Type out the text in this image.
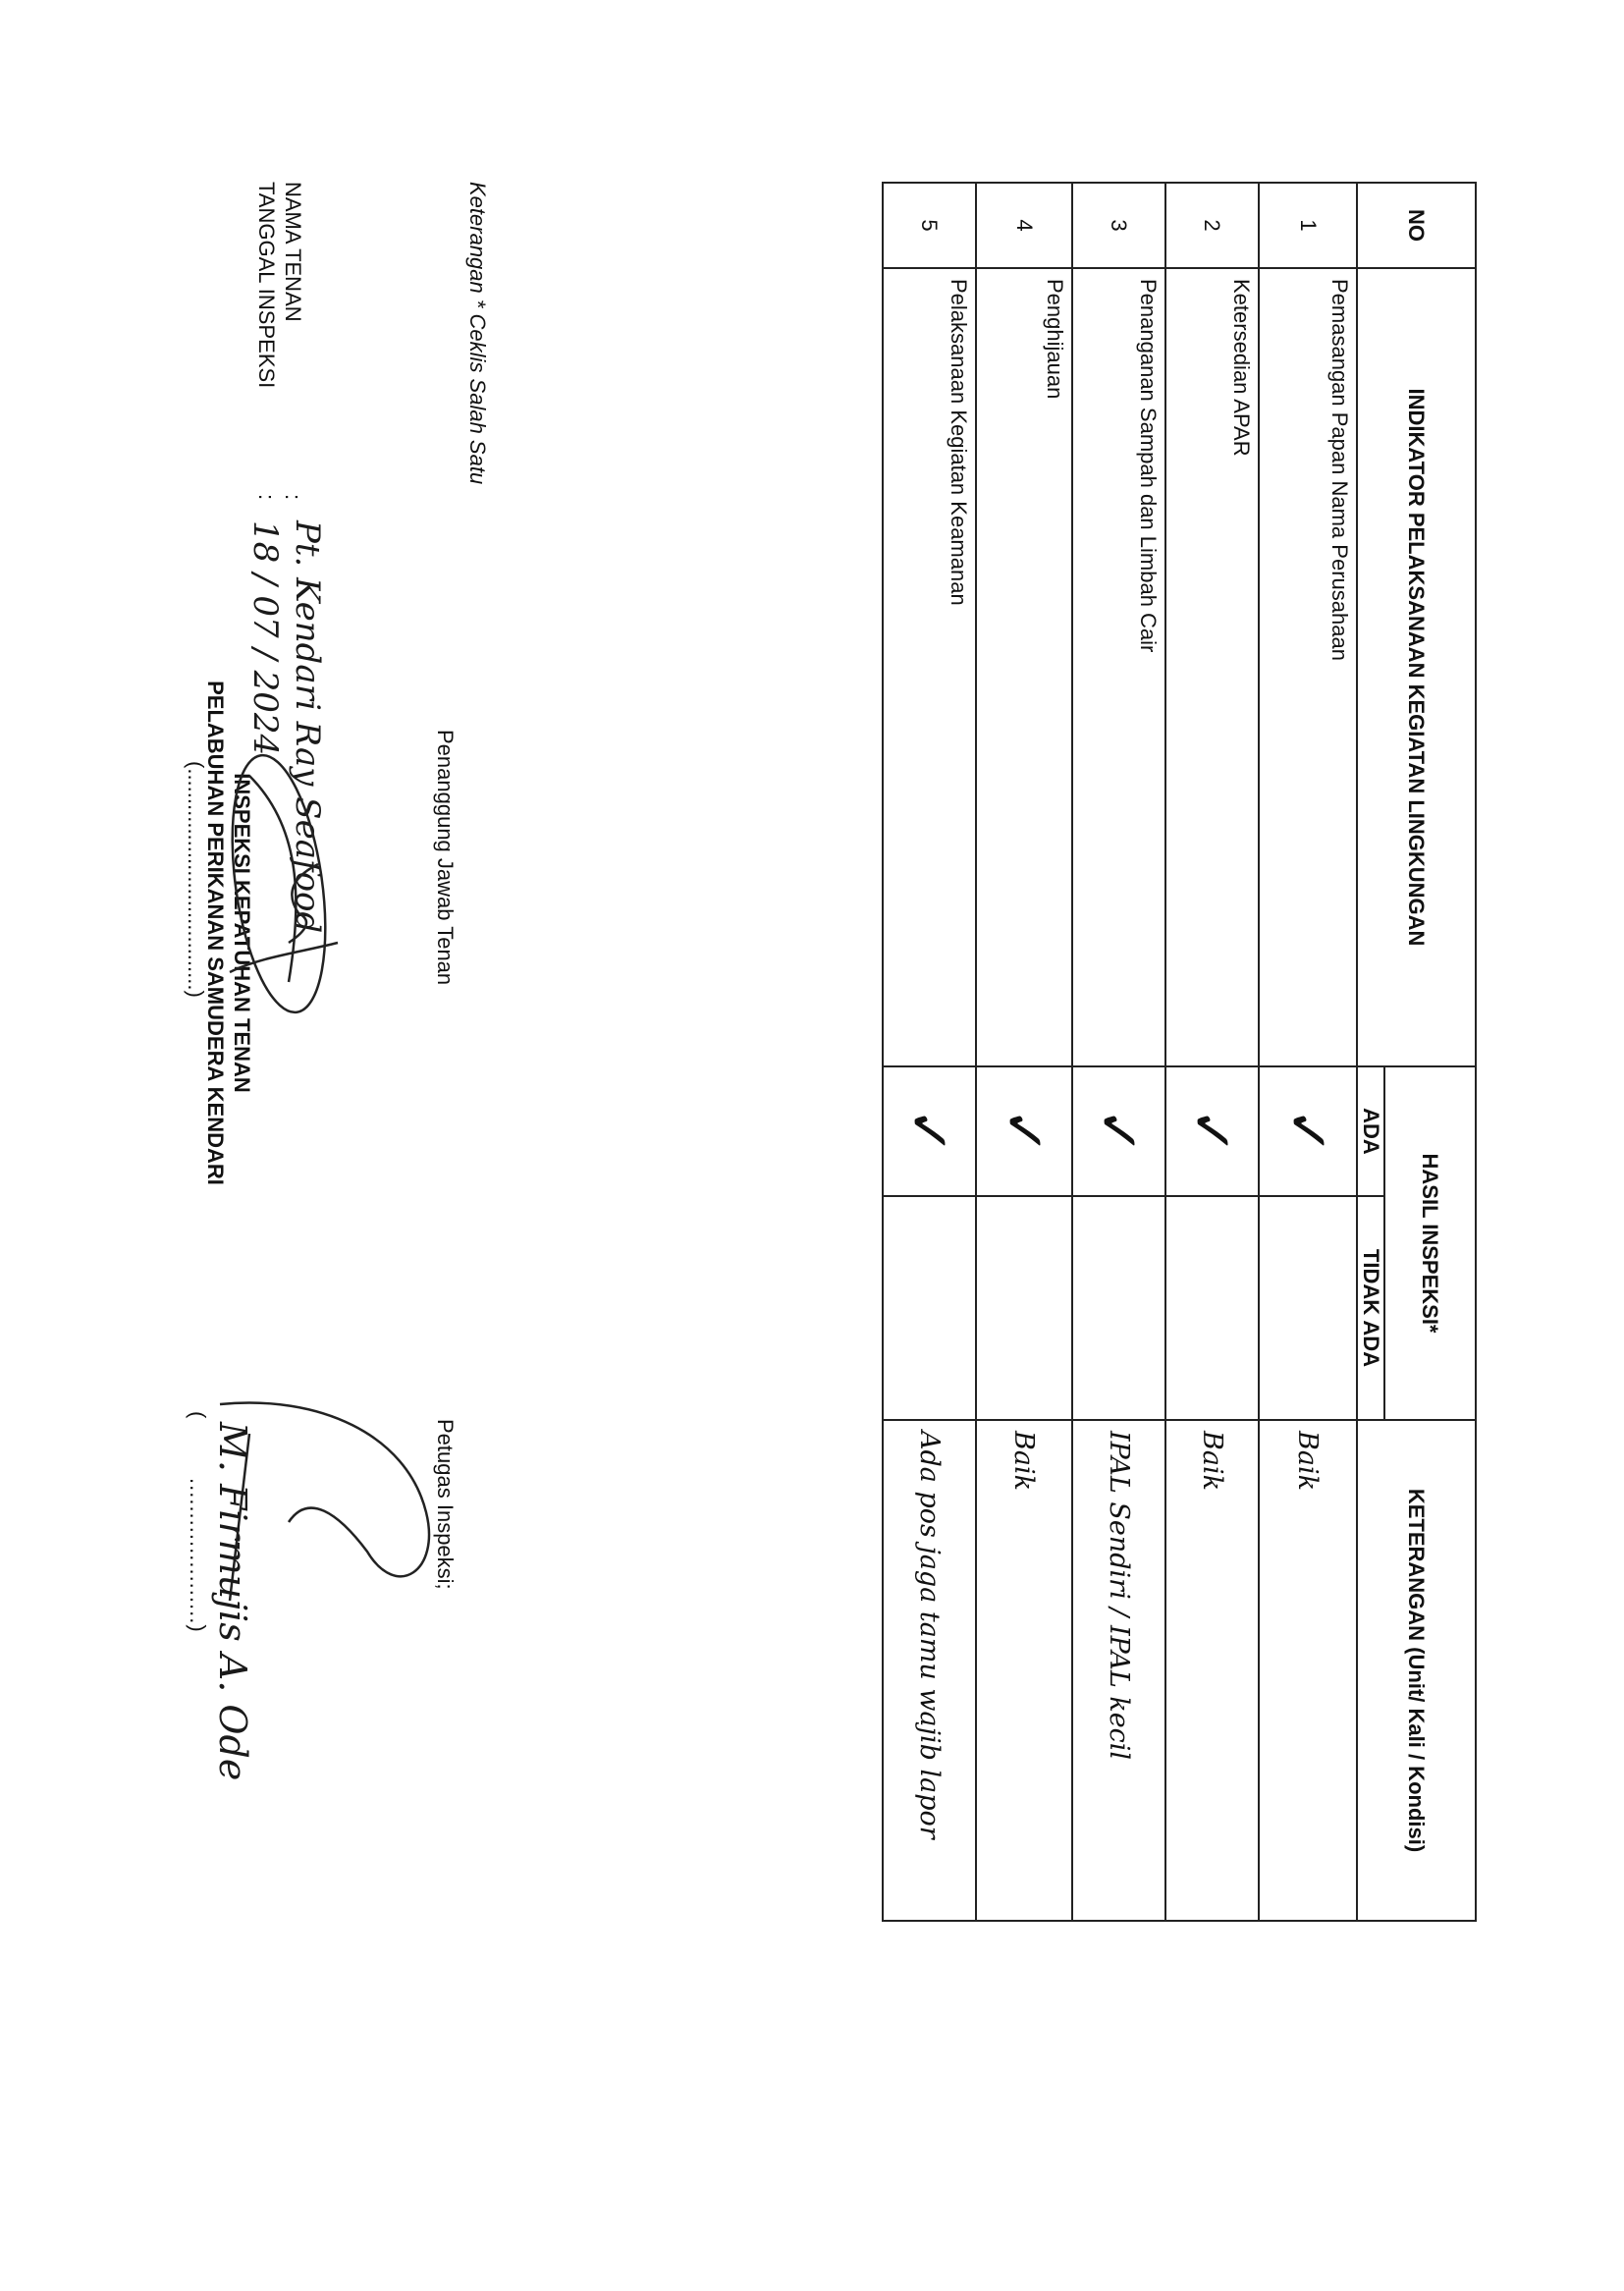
INSPEKSI KEPATUHAN TENAN
PELABUHAN PERIKANAN SAMUDERA KENDARI
NAMA TENAN
:
Pt. Kendari Ray Seafood
TANGGAL INSPEKSI
:
18 / 07 / 2024
NO	INDIKATOR PELAKSANAAN KEGIATAN LINGKUNGAN	HASIL INSPEKSI*		KETERANGAN (Unit/ Kali / Kondisi)
		ADA	TIDAK ADA	
1	Pemasangan Papan Nama Perusahaan	✓		Baik
2	Ketersedian APAR	✓		Baik
3	Penanganan Sampah dan Limbah Cair	✓		IPAL Sendiri / IPAL kecil
4	Penghijauan	✓		Baik
5	Pelaksanaan Kegiatan Keamanan	✓		Ada pos jaga tamu wajib lapor
Keterangan * Ceklis Salah Satu
Penanggung Jawab Tenan
(.....................................)
Petugas Inspeksi;
(
M. Firmujis A. Ode
.....................)
